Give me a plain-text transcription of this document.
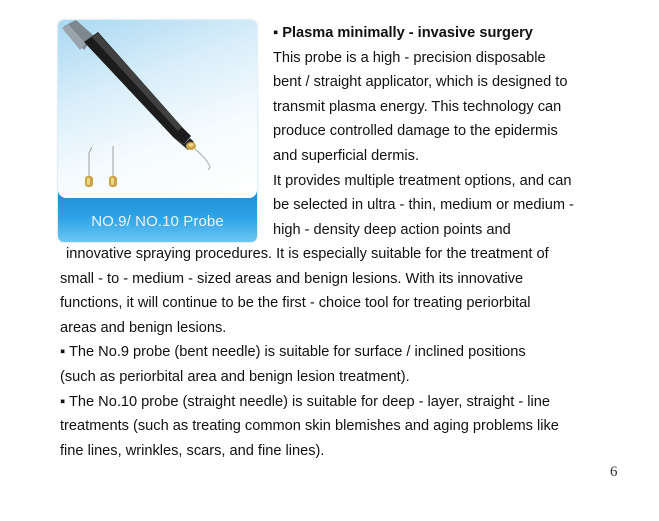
NO.9/ NO.10 Probe
▪ Plasma minimally - invasive surgery
This probe is a high - precision disposable
bent / straight applicator, which is designed to
transmit plasma energy. This technology can
produce controlled damage to the epidermis
and superficial dermis.
It provides multiple treatment options, and can
be selected in ultra - thin, medium or medium -
high - density deep action points and
innovative spraying procedures. It is especially suitable for the treatment of
small - to - medium - sized areas and benign lesions. With its innovative
functions, it will continue to be the first - choice tool for treating periorbital
areas and benign lesions.
▪ The No.9 probe (bent needle) is suitable for surface / inclined positions
(such as periorbital area and benign lesion treatment).
▪ The No.10 probe (straight needle) is suitable for deep - layer, straight - line
treatments (such as treating common skin blemishes and aging problems like
fine lines, wrinkles, scars, and fine lines).
6
